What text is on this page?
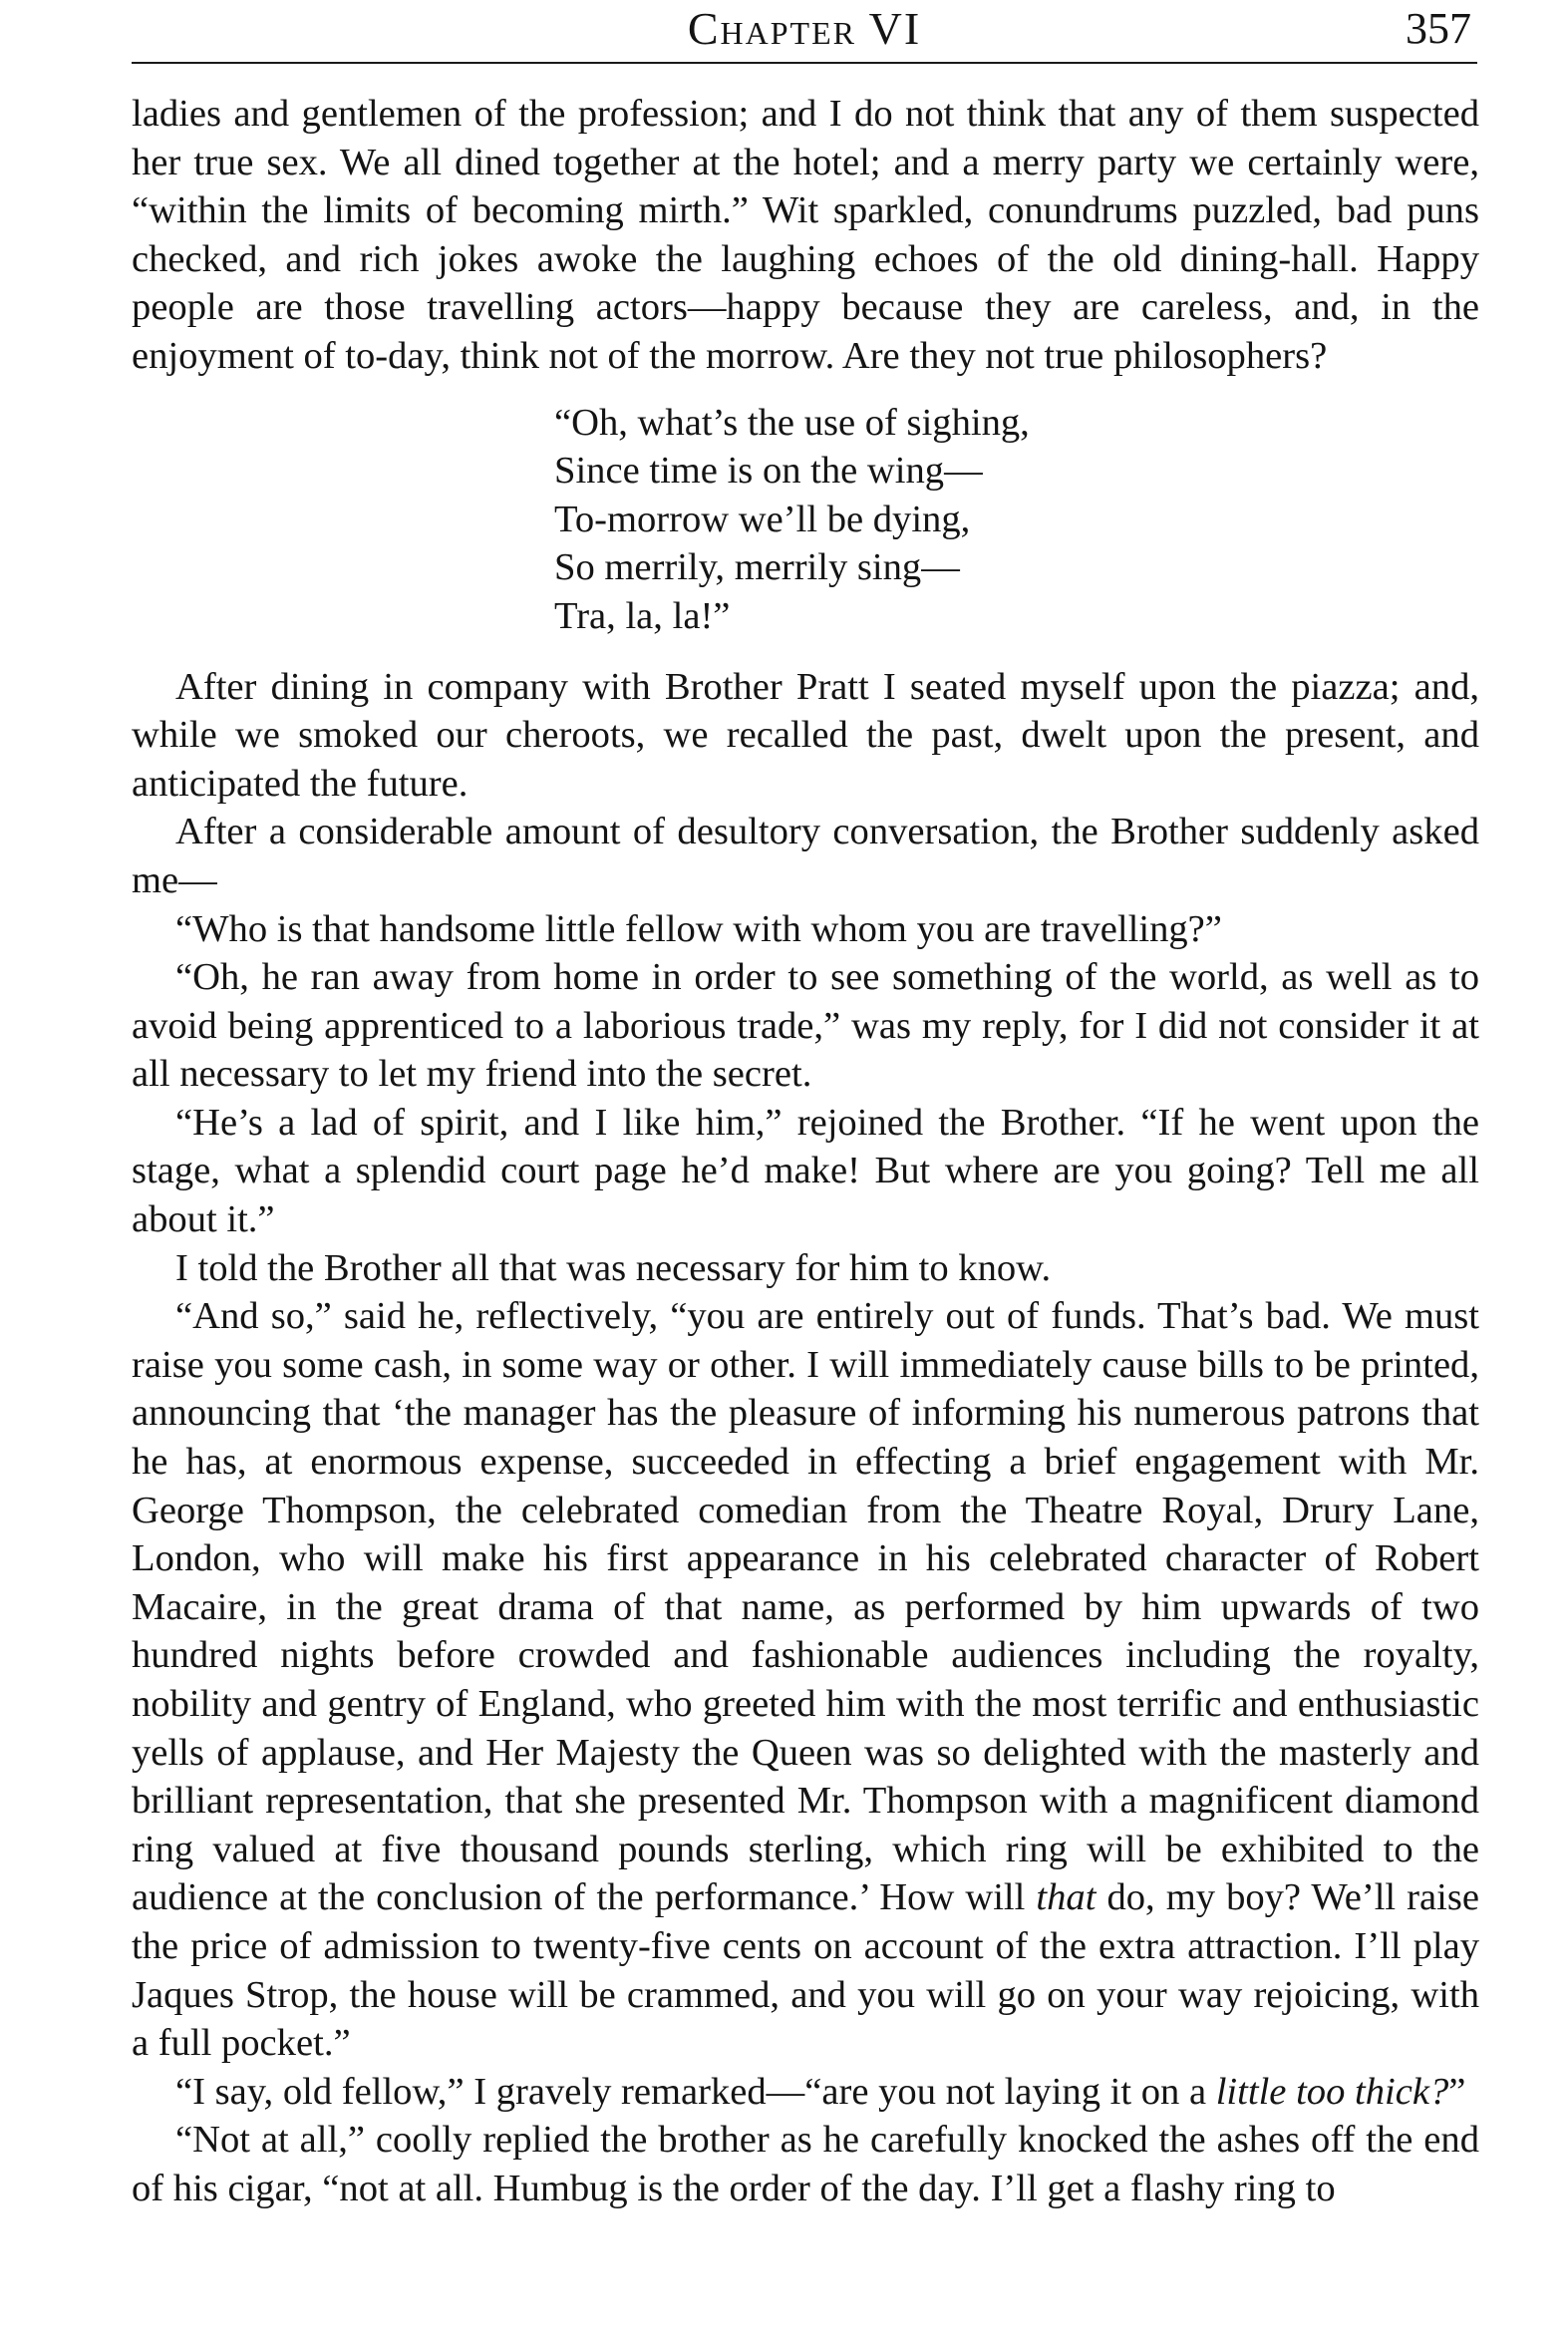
Chapter VI	357

ladies and gentlemen of the profession; and I do not think that any of them suspected her true sex. We all dined together at the hotel; and a merry party we certainly were, “within the limits of becoming mirth.” Wit sparkled, conundrums puzzled, bad puns checked, and rich jokes awoke the laughing echoes of the old dining-hall. Happy people are those travelling actors—happy because they are careless, and, in the enjoyment of to-day, think not of the morrow. Are they not true philosophers?

“Oh, what’s the use of sighing,
Since time is on the wing—
To-morrow we’ll be dying,
So merrily, merrily sing—
Tra, la, la!”

After dining in company with Brother Pratt I seated myself upon the piazza; and, while we smoked our cheroots, we recalled the past, dwelt upon the present, and anticipated the future.

After a considerable amount of desultory conversation, the Brother suddenly asked me—

“Who is that handsome little fellow with whom you are travelling?”

“Oh, he ran away from home in order to see something of the world, as well as to avoid being apprenticed to a laborious trade,” was my reply, for I did not consider it at all necessary to let my friend into the secret.

“He’s a lad of spirit, and I like him,” rejoined the Brother. “If he went upon the stage, what a splendid court page he’d make! But where are you going? Tell me all about it.”

I told the Brother all that was necessary for him to know.

“And so,” said he, reflectively, “you are entirely out of funds. That’s bad. We must raise you some cash, in some way or other. I will immediately cause bills to be printed, announcing that ‘the manager has the pleasure of informing his numerous patrons that he has, at enormous expense, succeeded in effecting a brief engagement with Mr. George Thompson, the celebrated comedian from the Theatre Royal, Drury Lane, London, who will make his first appearance in his celebrated character of Robert Macaire, in the great drama of that name, as performed by him upwards of two hundred nights before crowded and fashionable audiences including the royalty, nobility and gentry of England, who greeted him with the most terrific and enthusiastic yells of applause, and Her Majesty the Queen was so delighted with the masterly and brilliant representation, that she presented Mr. Thompson with a magnificent diamond ring valued at five thousand pounds sterling, which ring will be exhibited to the audience at the conclusion of the performance.’ How will that do, my boy? We’ll raise the price of admission to twenty-five cents on account of the extra attraction. I’ll play Jaques Strop, the house will be crammed, and you will go on your way rejoicing, with a full pocket.”

“I say, old fellow,” I gravely remarked—“are you not laying it on a little too thick?”

“Not at all,” coolly replied the brother as he carefully knocked the ashes off the end of his cigar, “not at all. Humbug is the order of the day. I’ll get a flashy ring to
